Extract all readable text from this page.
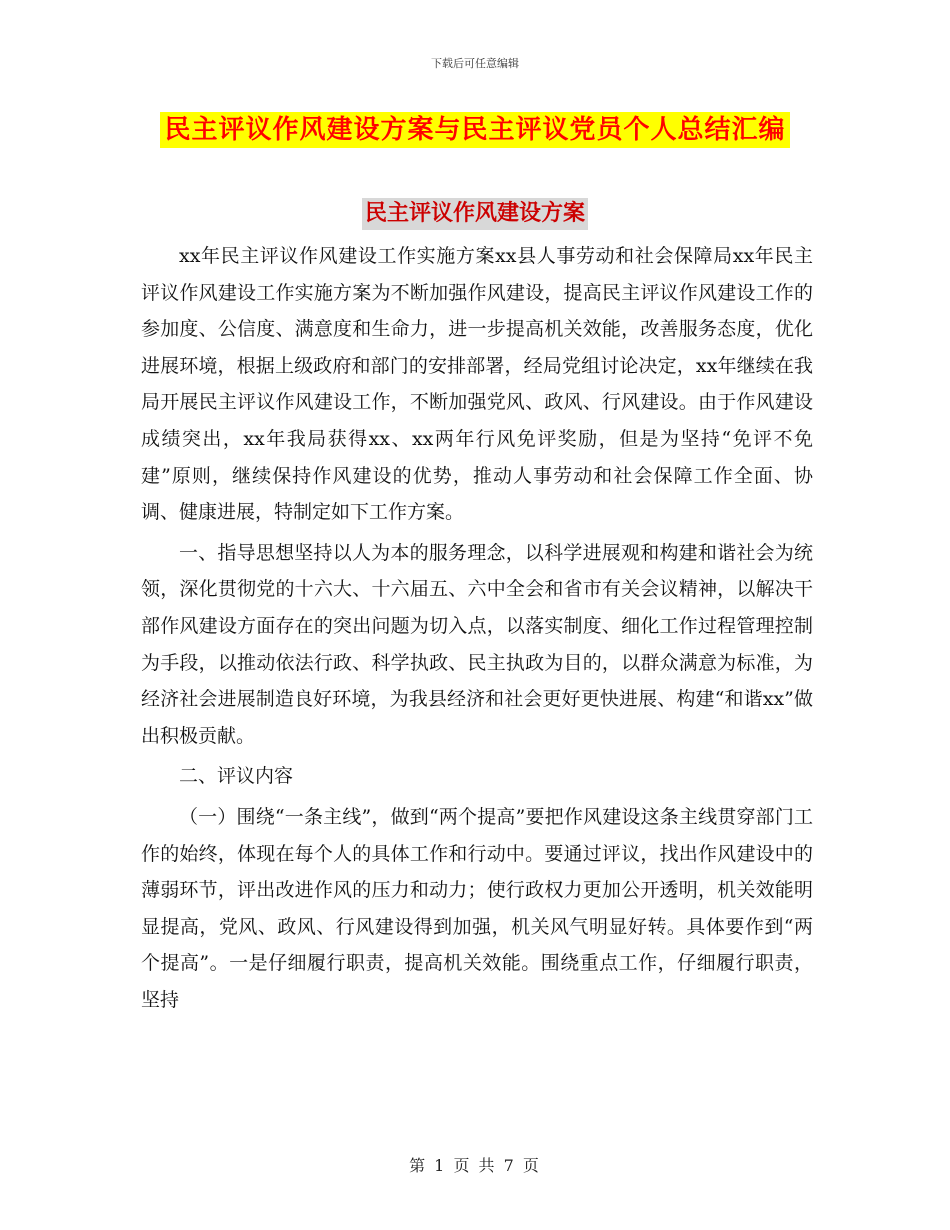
下载后可任意编辑
民主评议作风建设方案与民主评议党员个人总结汇编
民主评议作风建设方案

xx年民主评议作风建设工作实施方案xx县人事劳动和社会保障局xx年民主评议作风建设工作实施方案为不断加强作风建设，提高民主评议作风建设工作的参加度、公信度、满意度和生命力，进一步提高机关效能，改善服务态度，优化进展环境，根据上级政府和部门的安排部署，经局党组讨论决定，xx年继续在我局开展民主评议作风建设工作，不断加强党风、政风、行风建设。由于作风建设成绩突出，xx年我局获得xx、xx两年行风免评奖励，但是为坚持“免评不免建”原则，继续保持作风建设的优势，推动人事劳动和社会保障工作全面、协调、健康进展，特制定如下工作方案。

一、指导思想坚持以人为本的服务理念，以科学进展观和构建和谐社会为统领，深化贯彻党的十六大、十六届五、六中全会和省市有关会议精神，以解决干部作风建设方面存在的突出问题为切入点，以落实制度、细化工作过程管理控制为手段，以推动依法行政、科学执政、民主执政为目的，以群众满意为标准，为经济社会进展制造良好环境，为我县经济和社会更好更快进展、构建“和谐xx”做出积极贡献。

二、评议内容

（一）围绕“一条主线”，做到“两个提高”要把作风建设这条主线贯穿部门工作的始终，体现在每个人的具体工作和行动中。要通过评议，找出作风建设中的薄弱环节，评出改进作风的压力和动力；使行政权力更加公开透明，机关效能明显提高，党风、政风、行风建设得到加强，机关风气明显好转。具体要作到“两个提高”。一是仔细履行职责，提高机关效能。围绕重点工作，仔细履行职责，坚持

第 1 页 共 7 页
